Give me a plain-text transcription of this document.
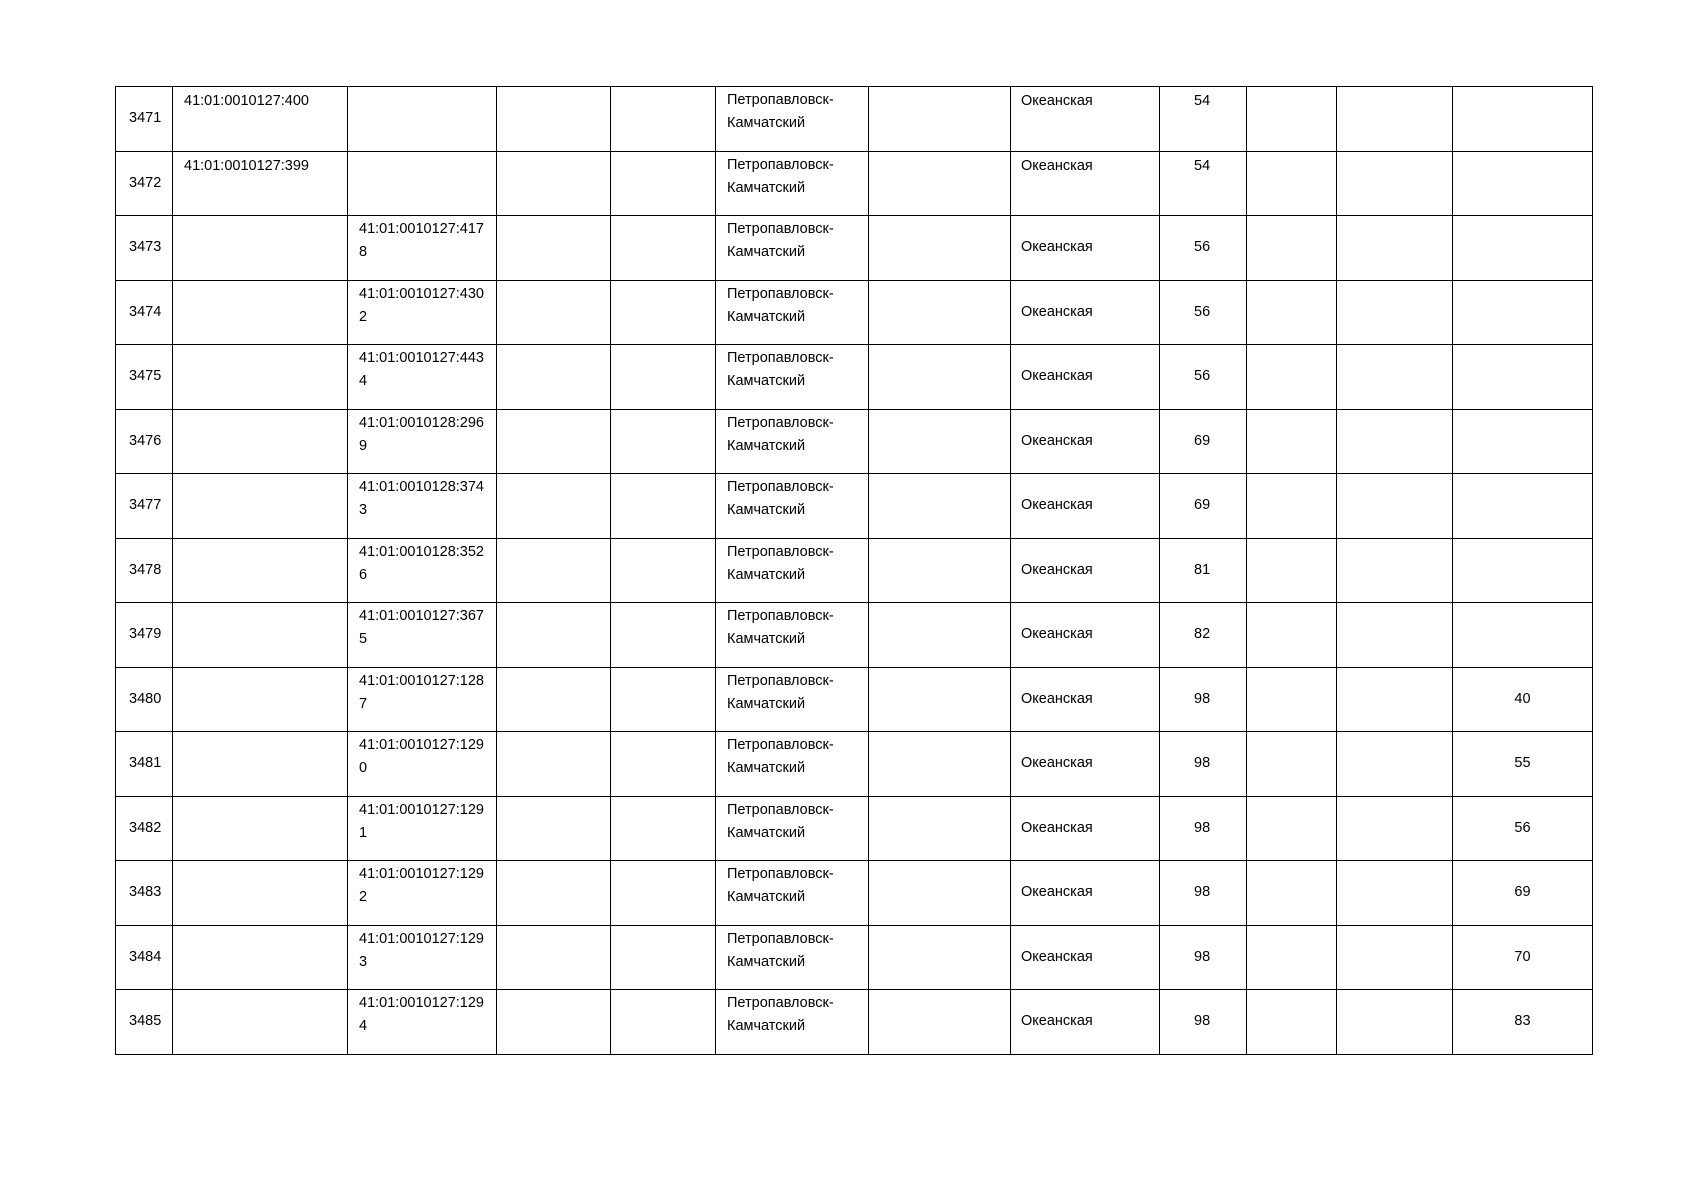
3471	41:01:0010127:400				Петропавловск-Камчатский		Океанская	54			
3472	41:01:0010127:399				Петропавловск-Камчатский		Океанская	54			
3473		41:01:0010127:4178			Петропавловск-Камчатский		Океанская	56			
3474		41:01:0010127:4302			Петропавловск-Камчатский		Океанская	56			
3475		41:01:0010127:4434			Петропавловск-Камчатский		Океанская	56			
3476		41:01:0010128:2969			Петропавловск-Камчатский		Океанская	69			
3477		41:01:0010128:3743			Петропавловск-Камчатский		Океанская	69			
3478		41:01:0010128:3526			Петропавловск-Камчатский		Океанская	81			
3479		41:01:0010127:3675			Петропавловск-Камчатский		Океанская	82			
3480		41:01:0010127:1287			Петропавловск-Камчатский		Океанская	98			40
3481		41:01:0010127:1290			Петропавловск-Камчатский		Океанская	98			55
3482		41:01:0010127:1291			Петропавловск-Камчатский		Океанская	98			56
3483		41:01:0010127:1292			Петропавловск-Камчатский		Океанская	98			69
3484		41:01:0010127:1293			Петропавловск-Камчатский		Океанская	98			70
3485		41:01:0010127:1294			Петропавловск-Камчатский		Океанская	98			83
